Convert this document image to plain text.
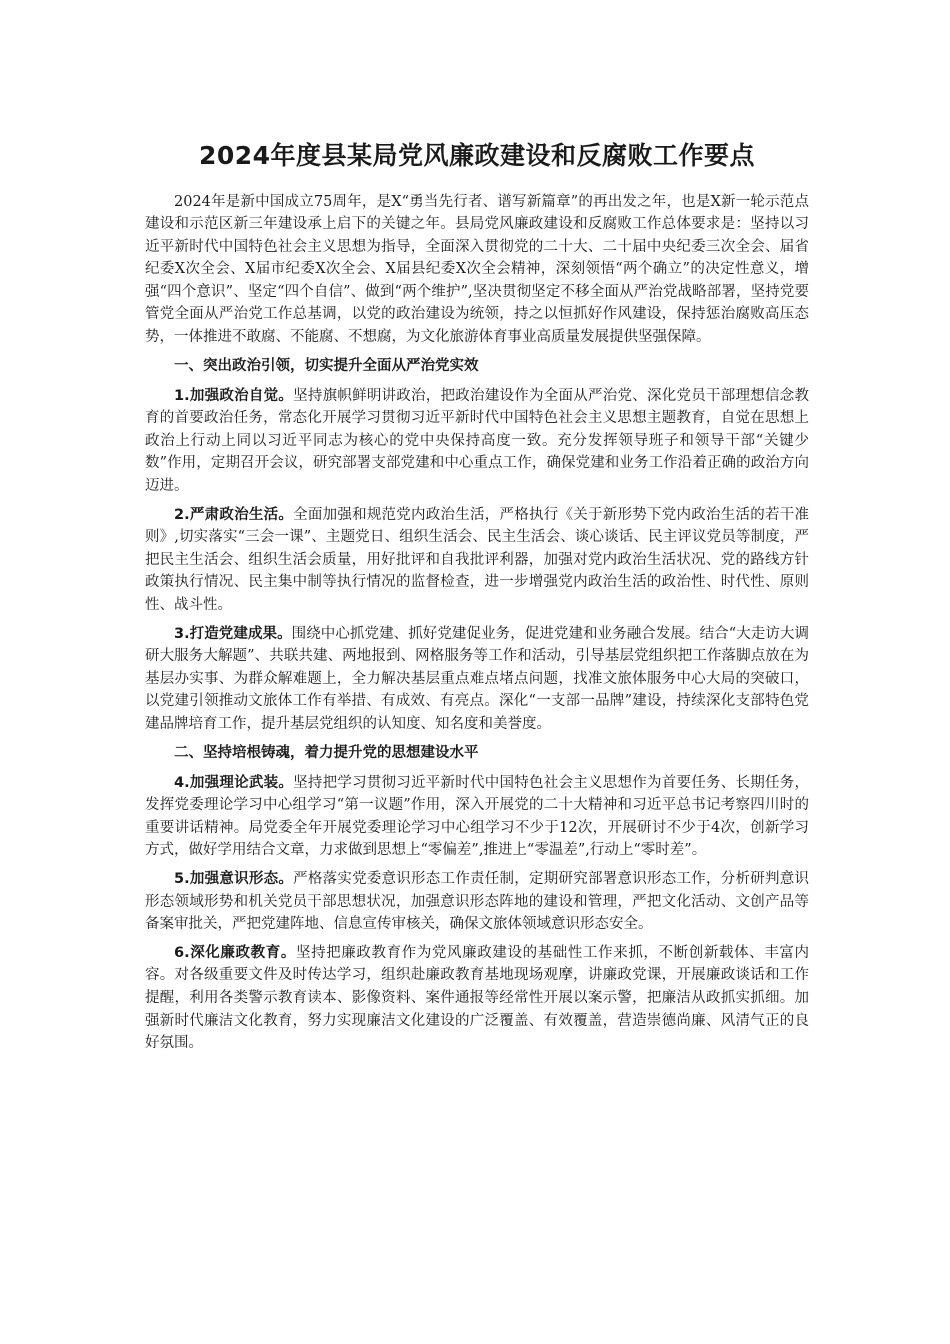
2024年度县某局党风廉政建设和反腐败工作要点

2024年是新中国成立75周年，是X“勇当先行者、谱写新篇章”的再出发之年，也是X新一轮示范点建设和示范区新三年建设承上启下的关键之年。县局党风廉政建设和反腐败工作总体要求是：坚持以习近平新时代中国特色社会主义思想为指导，全面深入贯彻党的二十大、二十届中央纪委三次全会、届省纪委X次全会、X届市纪委X次全会、X届县纪委X次全会精神，深刻领悟“两个确立”的决定性意义，增强“四个意识”、坚定“四个自信”、做到“两个维护”,坚决贯彻坚定不移全面从严治党战略部署，坚持党要管党全面从严治党工作总基调，以党的政治建设为统领，持之以恒抓好作风建设，保持惩治腐败高压态势，一体推进不敢腐、不能腐、不想腐，为文化旅游体育事业高质量发展提供坚强保障。

一、突出政治引领，切实提升全面从严治党实效

1.加强政治自觉。坚持旗帜鲜明讲政治，把政治建设作为全面从严治党、深化党员干部理想信念教育的首要政治任务，常态化开展学习贯彻习近平新时代中国特色社会主义思想主题教育，自觉在思想上政治上行动上同以习近平同志为核心的党中央保持高度一致。充分发挥领导班子和领导干部“关键少数”作用，定期召开会议，研究部署支部党建和中心重点工作，确保党建和业务工作沿着正确的政治方向迈进。

2.严肃政治生活。全面加强和规范党内政治生活，严格执行《关于新形势下党内政治生活的若干准则》,切实落实“三会一课”、主题党日、组织生活会、民主生活会、谈心谈话、民主评议党员等制度，严把民主生活会、组织生活会质量，用好批评和自我批评利器，加强对党内政治生活状况、党的路线方针政策执行情况、民主集中制等执行情况的监督检查，进一步增强党内政治生活的政治性、时代性、原则性、战斗性。

3.打造党建成果。围绕中心抓党建、抓好党建促业务，促进党建和业务融合发展。结合“大走访大调研大服务大解题”、共联共建、两地报到、网格服务等工作和活动，引导基层党组织把工作落脚点放在为基层办实事、为群众解难题上，全力解决基层重点难点堵点问题，找准文旅体服务中心大局的突破口，以党建引领推动文旅体工作有举措、有成效、有亮点。深化“一支部一品牌”建设，持续深化支部特色党建品牌培育工作，提升基层党组织的认知度、知名度和美誉度。

二、坚持培根铸魂，着力提升党的思想建设水平

4.加强理论武装。坚持把学习贯彻习近平新时代中国特色社会主义思想作为首要任务、长期任务，发挥党委理论学习中心组学习“第一议题”作用，深入开展党的二十大精神和习近平总书记考察四川时的重要讲话精神。局党委全年开展党委理论学习中心组学习不少于12次，开展研讨不少于4次，创新学习方式，做好学用结合文章，力求做到思想上“零偏差”,推进上“零温差”,行动上“零时差”。

5.加强意识形态。严格落实党委意识形态工作责任制，定期研究部署意识形态工作，分析研判意识形态领域形势和机关党员干部思想状况，加强意识形态阵地的建设和管理，严把文化活动、文创产品等备案审批关，严把党建阵地、信息宣传审核关，确保文旅体领域意识形态安全。

6.深化廉政教育。坚持把廉政教育作为党风廉政建设的基础性工作来抓，不断创新载体、丰富内容。对各级重要文件及时传达学习，组织赴廉政教育基地现场观摩，讲廉政党课，开展廉政谈话和工作提醒，利用各类警示教育读本、影像资料、案件通报等经常性开展以案示警，把廉洁从政抓实抓细。加强新时代廉洁文化教育，努力实现廉洁文化建设的广泛覆盖、有效覆盖，营造崇德尚廉、风清气正的良好氛围。
